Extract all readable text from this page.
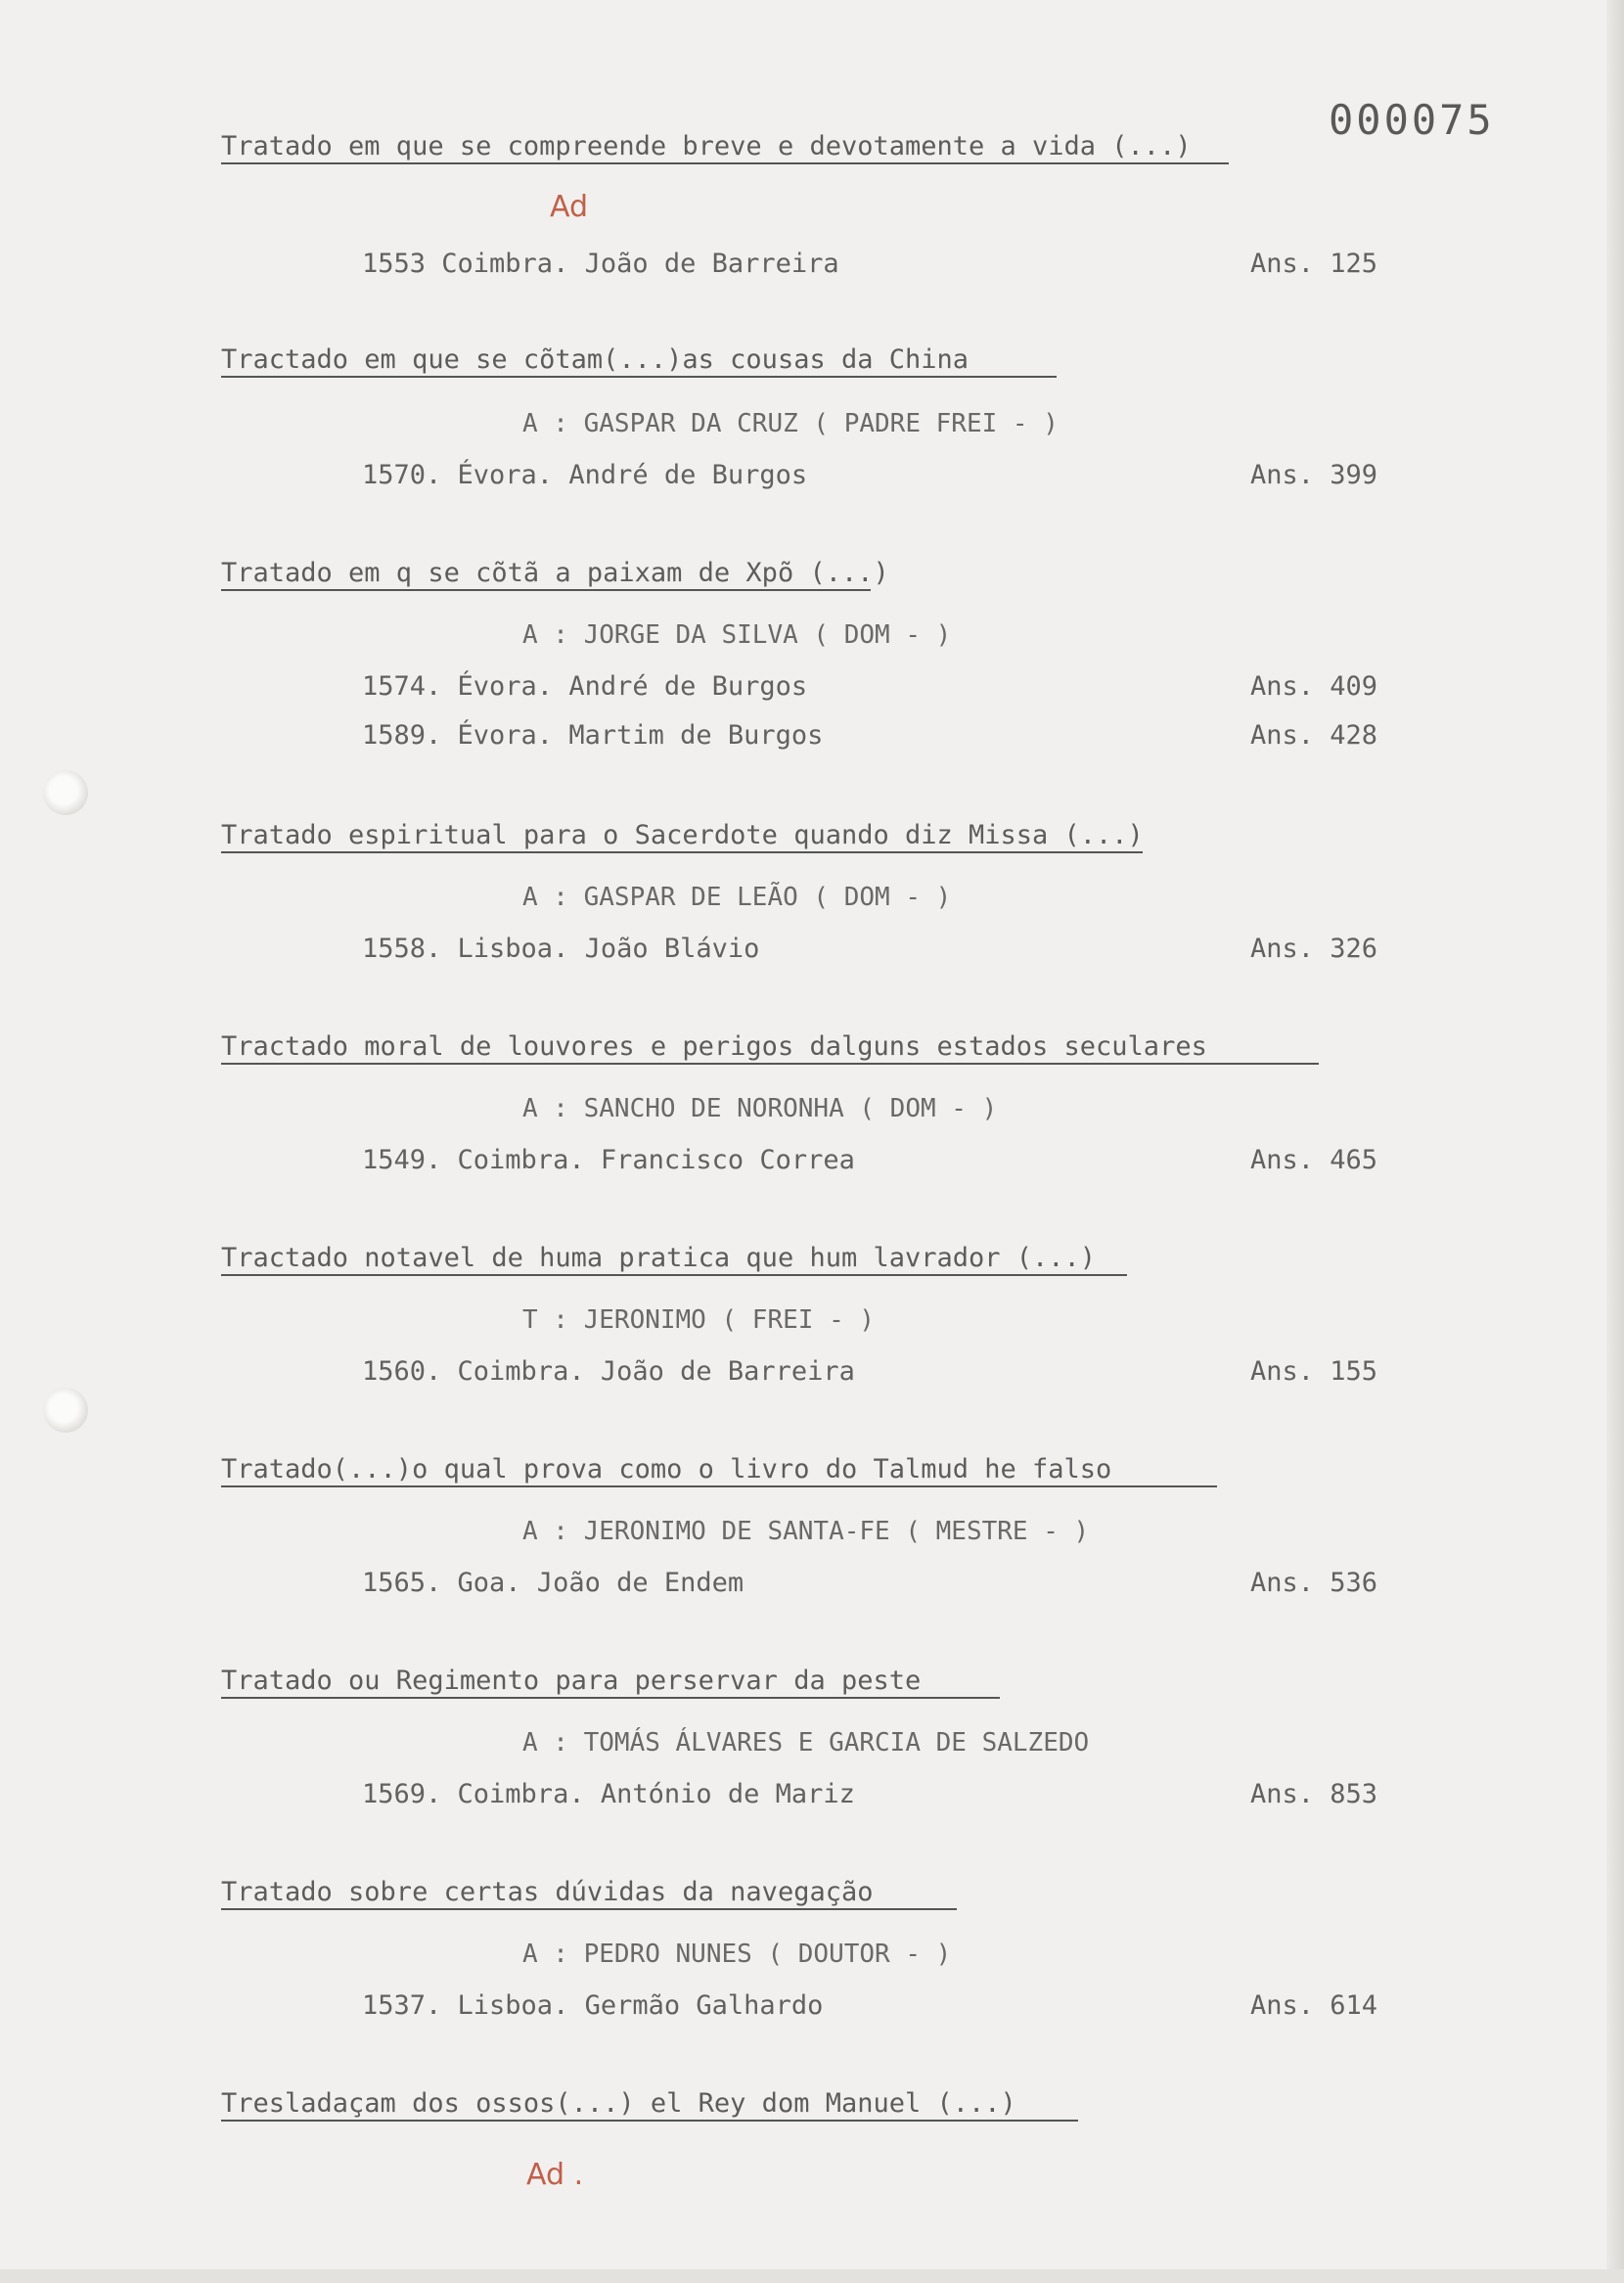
000075
Ad
Ad .
Tratado em que se compreende breve e devotamente a vida (...)
1553 Coimbra. João de Barreira	Ans. 125
Tractado em que se cõtam(...)as cousas da China
A : GASPAR DA CRUZ ( PADRE FREI - )
1570. Évora. André de Burgos	Ans. 399
Tratado em q se cõtã a paixam de Xpõ (...)
A : JORGE DA SILVA ( DOM - )
1574. Évora. André de Burgos	Ans. 409
1589. Évora. Martim de Burgos	Ans. 428
Tratado espiritual para o Sacerdote quando diz Missa (...)
A : GASPAR DE LEÃO ( DOM - )
1558. Lisboa. João Blávio	Ans. 326
Tractado moral de louvores e perigos dalguns estados seculares
A : SANCHO DE NORONHA ( DOM - )
1549. Coimbra. Francisco Correa	Ans. 465
Tractado notavel de huma pratica que hum lavrador (...)
T : JERONIMO ( FREI - )
1560. Coimbra. João de Barreira	Ans. 155
Tratado(...)o qual prova como o livro do Talmud he falso
A : JERONIMO DE SANTA-FE ( MESTRE - )
1565. Goa. João de Endem	Ans. 536
Tratado ou Regimento para perservar da peste
A : TOMÁS ÁLVARES E GARCIA DE SALZEDO
1569. Coimbra. António de Mariz	Ans. 853
Tratado sobre certas dúvidas da navegação
A : PEDRO NUNES ( DOUTOR - )
1537. Lisboa. Germão Galhardo	Ans. 614
Tresladaçam dos ossos(...) el Rey dom Manuel (...)
